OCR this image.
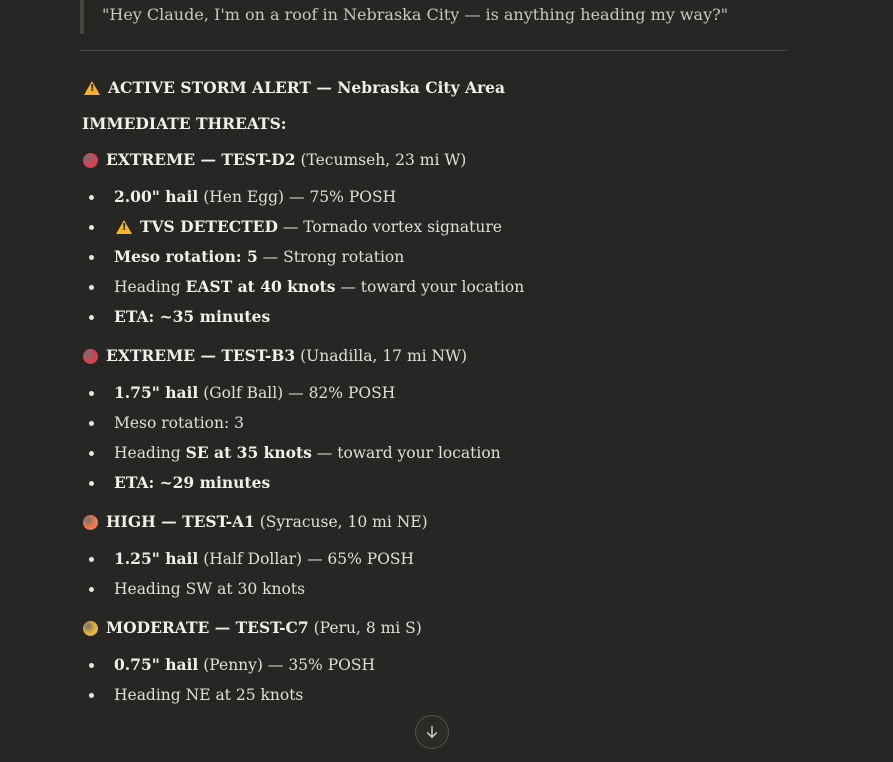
"Hey Claude, I'm on a roof in Nebraska City — is anything heading my way?"
!
ACTIVE STORM ALERT — Nebraska City Area
IMMEDIATE THREATS:
EXTREME — TEST-D2 (Tecumseh, 23 mi W)
2.00" hail (Hen Egg) — 75% POSH
!
TVS DETECTED — Tornado vortex signature
Meso rotation: 5 — Strong rotation
Heading EAST at 40 knots — toward your location
ETA: ~35 minutes
EXTREME — TEST-B3 (Unadilla, 17 mi NW)
1.75" hail (Golf Ball) — 82% POSH
Meso rotation: 3
Heading SE at 35 knots — toward your location
ETA: ~29 minutes
HIGH — TEST-A1 (Syracuse, 10 mi NE)
1.25" hail (Half Dollar) — 65% POSH
Heading SW at 30 knots
MODERATE — TEST-C7 (Peru, 8 mi S)
0.75" hail (Penny) — 35% POSH
Heading NE at 25 knots
